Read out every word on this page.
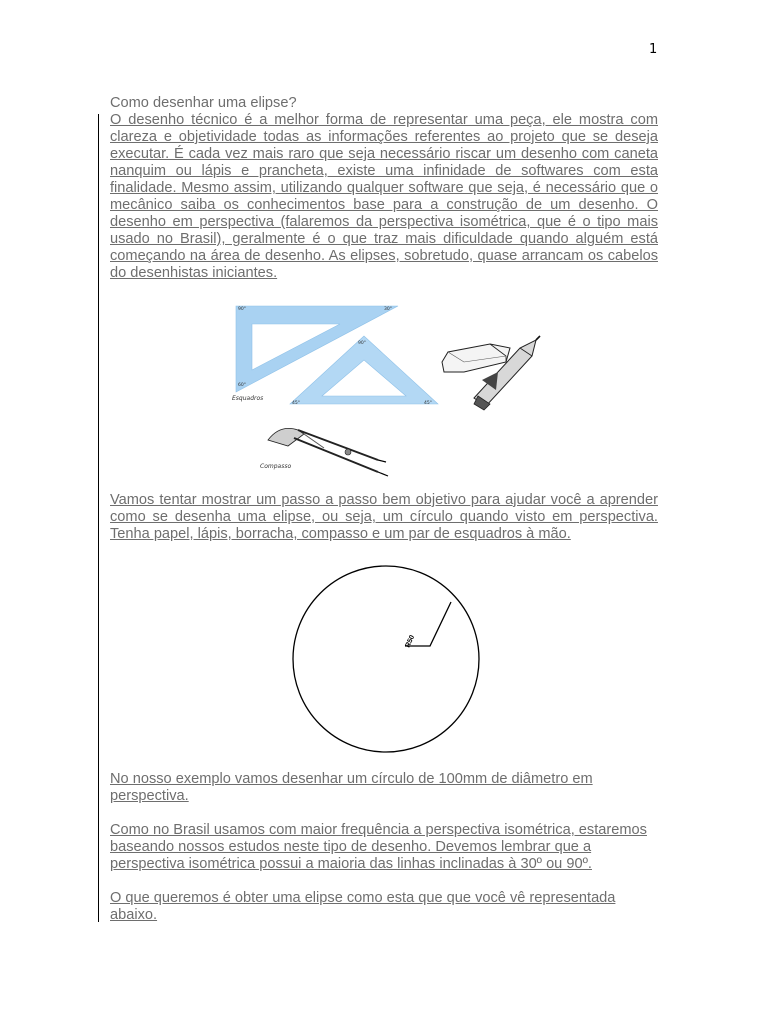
1
Como desenhar uma elipse?
O desenho técnico é a melhor forma de representar uma peça, ele mostra com clareza e objetividade todas as informações referentes ao projeto que se deseja executar. É cada vez mais raro que seja necessário riscar um desenho com caneta nanquim ou lápis e prancheta, existe uma infinidade de softwares com esta finalidade. Mesmo assim, utilizando qualquer software que seja, é necessário que o mecânico saiba os conhecimentos base para a construção de um desenho. O desenho em perspectiva (falaremos da perspectiva isométrica, que é o tipo mais usado no Brasil), geralmente é o que traz mais dificuldade quando alguém está começando na área de desenho. As elipses, sobretudo, quase arrancam os cabelos do desenhistas iniciantes.
90°	30°
60°
90°
45°	45°
Esquadros
Compasso
Vamos tentar mostrar um passo a passo bem objetivo para ajudar você a aprender como se desenha uma elipse, ou seja, um círculo quando visto em perspectiva. Tenha papel, lápis, borracha, compasso e um par de esquadros à mão.
R50
No nosso exemplo vamos desenhar um círculo de 100mm de diâmetro em perspectiva.
Como no Brasil usamos com maior frequência a perspectiva isométrica, estaremos baseando nossos estudos neste tipo de desenho. Devemos lembrar que a perspectiva isométrica possui a maioria das linhas inclinadas à 30º ou 90º.
O que queremos é obter uma elipse como esta que que você vê representada abaixo.
